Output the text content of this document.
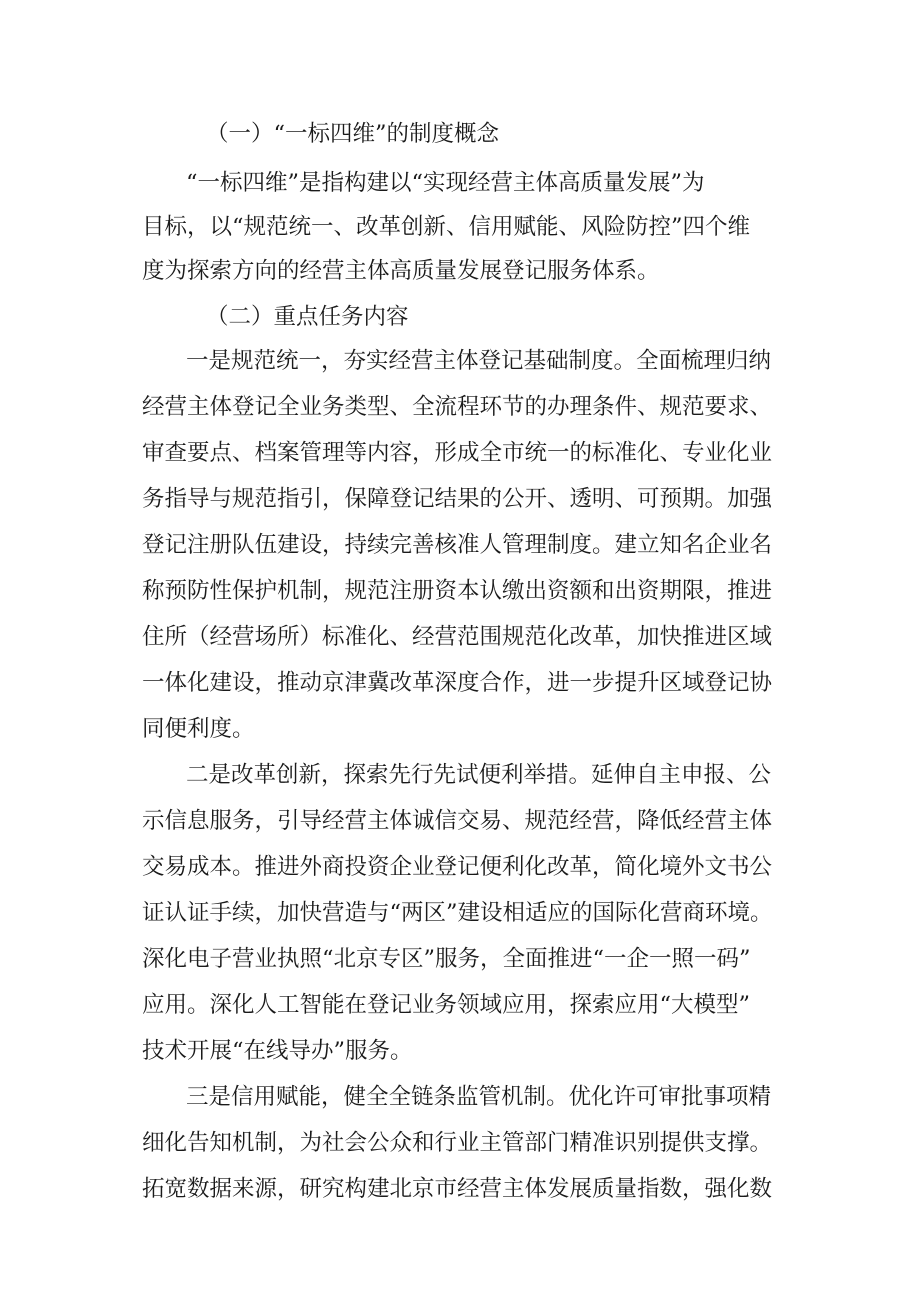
（一）“一标四维”的制度概念
“一标四维”是指构建以“实现经营主体高质量发展”为
目标，以“规范统一、改革创新、信用赋能、风险防控”四个维
度为探索方向的经营主体高质量发展登记服务体系。
（二）重点任务内容
一是规范统一，夯实经营主体登记基础制度。全面梳理归纳
经营主体登记全业务类型、全流程环节的办理条件、规范要求、
审查要点、档案管理等内容，形成全市统一的标准化、专业化业
务指导与规范指引，保障登记结果的公开、透明、可预期。加强
登记注册队伍建设，持续完善核准人管理制度。建立知名企业名
称预防性保护机制，规范注册资本认缴出资额和出资期限，推进
住所（经营场所）标准化、经营范围规范化改革，加快推进区域
一体化建设，推动京津冀改革深度合作，进一步提升区域登记协
同便利度。
二是改革创新，探索先行先试便利举措。延伸自主申报、公
示信息服务，引导经营主体诚信交易、规范经营，降低经营主体
交易成本。推进外商投资企业登记便利化改革，简化境外文书公
证认证手续，加快营造与“两区”建设相适应的国际化营商环境。
深化电子营业执照“北京专区”服务，全面推进“一企一照一码”
应用。深化人工智能在登记业务领域应用，探索应用“大模型”
技术开展“在线导办”服务。
三是信用赋能，健全全链条监管机制。优化许可审批事项精
细化告知机制，为社会公众和行业主管部门精准识别提供支撑。
拓宽数据来源，研究构建北京市经营主体发展质量指数，强化数
